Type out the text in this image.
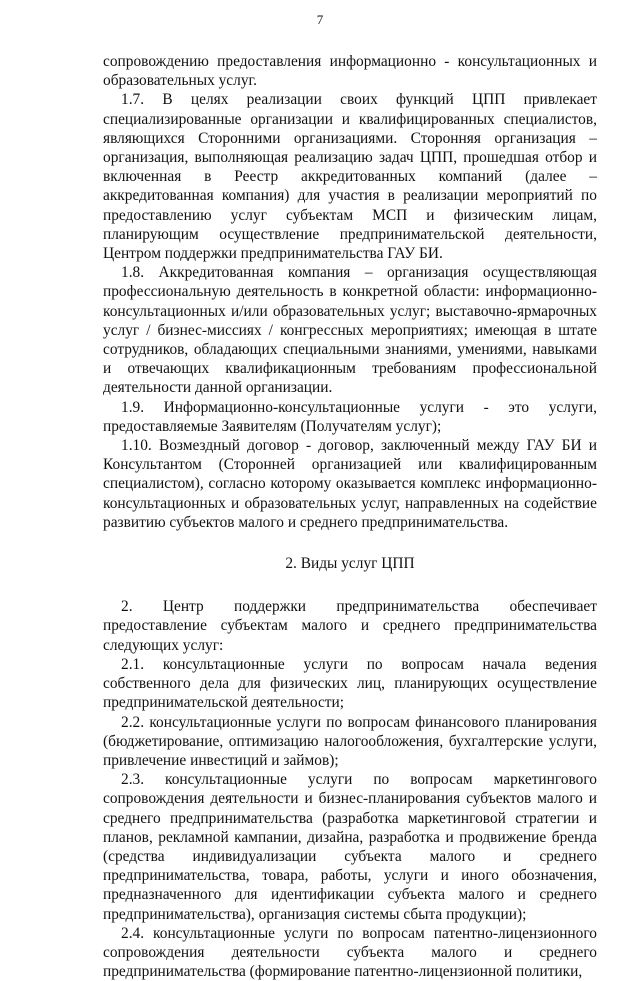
7

сопровождению предоставления информационно - консультационных и образовательных услуг.

1.7. В целях реализации своих функций ЦПП привлекает специализированные организации и квалифицированных специалистов, являющихся Сторонними организациями. Сторонняя организация – организация, выполняющая реализацию задач ЦПП, прошедшая отбор и включенная в Реестр аккредитованных компаний (далее – аккредитованная компания) для участия в реализации мероприятий по предоставлению услуг субъектам МСП и физическим лицам, планирующим осуществление предпринимательской деятельности, Центром поддержки предпринимательства ГАУ БИ.

1.8. Аккредитованная компания – организация осуществляющая профессиональную деятельность в конкретной области: информационно-консультационных и/или образовательных услуг; выставочно-ярмарочных услуг / бизнес-миссиях / конгрессных мероприятиях; имеющая в штате сотрудников, обладающих специальными знаниями, умениями, навыками и отвечающих квалификационным требованиям профессиональной деятельности данной организации.

1.9. Информационно-консультационные услуги - это услуги, предоставляемые Заявителям (Получателям услуг);

1.10. Возмездный договор - договор, заключенный между ГАУ БИ и Консультантом (Сторонней организацией или квалифицированным специалистом), согласно которому оказывается комплекс информационно-консультационных и образовательных услуг, направленных на содействие развитию субъектов малого и среднего предпринимательства.

2. Виды услуг ЦПП

2. Центр поддержки предпринимательства обеспечивает предоставление субъектам малого и среднего предпринимательства следующих услуг:

2.1. консультационные услуги по вопросам начала ведения собственного дела для физических лиц, планирующих осуществление предпринимательской деятельности;

2.2. консультационные услуги по вопросам финансового планирования (бюджетирование, оптимизацию налогообложения, бухгалтерские услуги, привлечение инвестиций и займов);

2.3. консультационные услуги по вопросам маркетингового сопровождения деятельности и бизнес-планирования субъектов малого и среднего предпринимательства (разработка маркетинговой стратегии и планов, рекламной кампании, дизайна, разработка и продвижение бренда (средства индивидуализации субъекта малого и среднего предпринимательства, товара, работы, услуги и иного обозначения, предназначенного для идентификации субъекта малого и среднего предпринимательства), организация системы сбыта продукции);

2.4. консультационные услуги по вопросам патентно-лицензионного сопровождения деятельности субъекта малого и среднего предпринимательства (формирование патентно-лицензионной политики,
